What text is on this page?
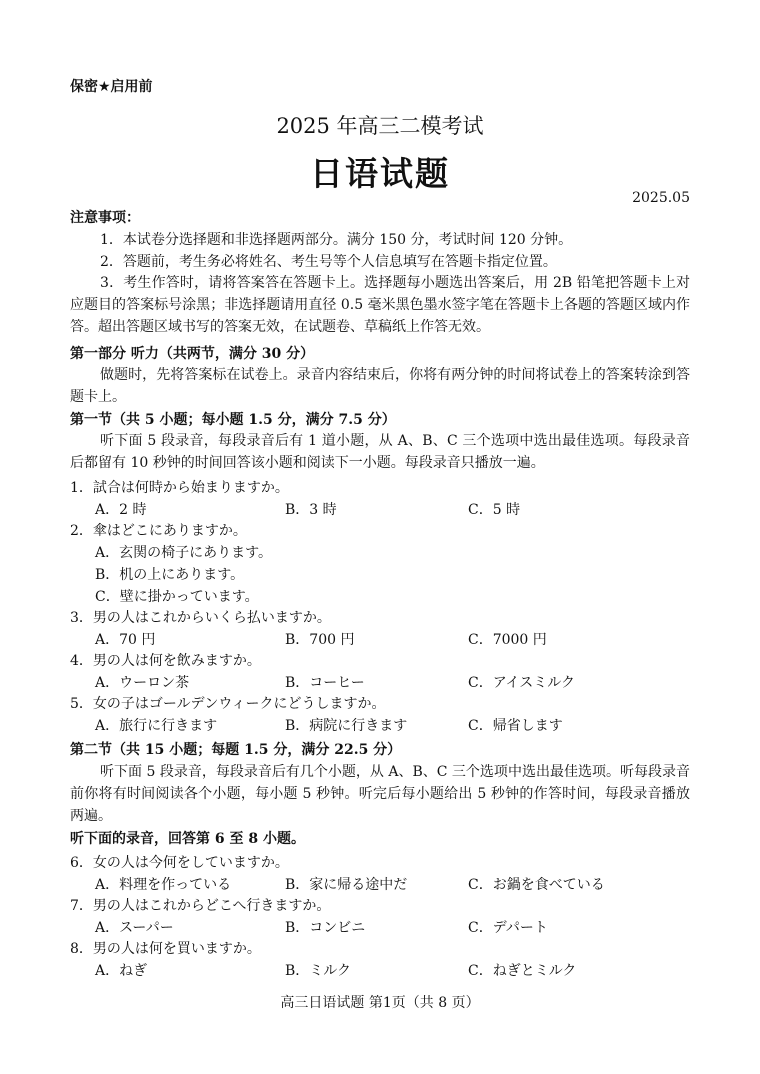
保密★启用前
2025 年高三二模考试
日语试题
2025.05
注意事项：
1．本试卷分选择题和非选择题两部分。满分 150 分，考试时间 120 分钟。
2．答题前，考生务必将姓名、考生号等个人信息填写在答题卡指定位置。
3．考生作答时，请将答案答在答题卡上。选择题每小题选出答案后，用 2B 铅笔把答题卡上对应题目的答案标号涂黑；非选择题请用直径 0.5 毫米黑色墨水签字笔在答题卡上各题的答题区域内作答。超出答题区域书写的答案无效，在试题卷、草稿纸上作答无效。
第一部分 听力（共两节，满分 30 分）
做题时，先将答案标在试卷上。录音内容结束后，你将有两分钟的时间将试卷上的答案转涂到答题卡上。
第一节（共 5 小题；每小题 1.5 分，满分 7.5 分）
听下面 5 段录音，每段录音后有 1 道小题，从 A、B、C 三个选项中选出最佳选项。每段录音后都留有 10 秒钟的时间回答该小题和阅读下一小题。每段录音只播放一遍。
1．試合は何時から始まりますか。
A．2 時	B．3 時	C．5 時
2．傘はどこにありますか。
A．玄関の椅子にあります。
B．机の上にあります。
C．壁に掛かっています。
3．男の人はこれからいくら払いますか。
A．70 円	B．700 円	C．7000 円
4．男の人は何を飲みますか。
A．ウーロン茶	B．コーヒー	C．アイスミルク
5．女の子はゴールデンウィークにどうしますか。
A．旅行に行きます	B．病院に行きます	C．帰省します
第二节（共 15 小题；每题 1.5 分，满分 22.5 分）
听下面 5 段录音，每段录音后有几个小题，从 A、B、C 三个选项中选出最佳选项。听每段录音前你将有时间阅读各个小题，每小题 5 秒钟。听完后每小题给出 5 秒钟的作答时间，每段录音播放两遍。
听下面的录音，回答第 6 至 8 小题。
6．女の人は今何をしていますか。
A．料理を作っている	B．家に帰る途中だ	C．お鍋を食べている
7．男の人はこれからどこへ行きますか。
A．スーパー	B．コンビニ	C．デパート
8．男の人は何を買いますか。
A．ねぎ	B．ミルク	C．ねぎとミルク
高三日语试题 第1页（共 8 页）
